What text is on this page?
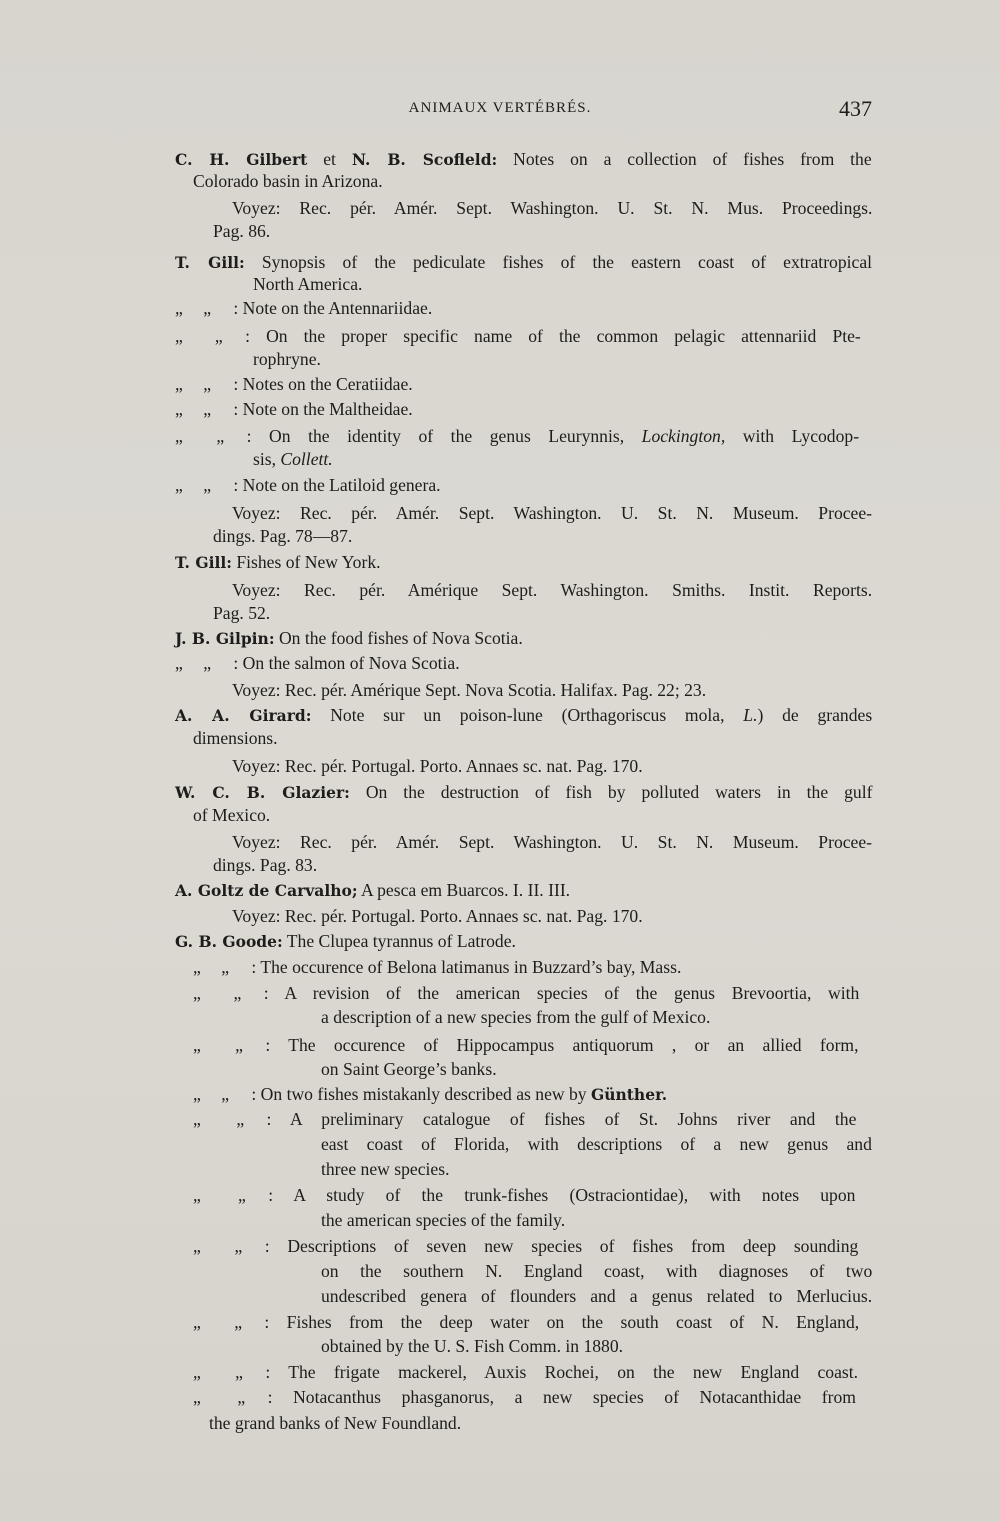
ANIMAUX VERTÉBRÉS.	437
C. H. Gilbert et N. B. Scofleld: Notes on a collection of fishes from the
Colorado basin in Arizona.
Voyez: Rec. pér. Amér. Sept. Washington. U. St. N. Mus. Proceedings.
Pag. 86.
T. Gill: Synopsis of the pediculate fishes of the eastern coast of extratropical
North America.
„ „ : Note on the Antennariidae.
„ „ : On the proper specific name of the common pelagic attennariid Pte-
rophryne.
„ „ : Notes on the Ceratiidae.
„ „ : Note on the Maltheidae.
„ „ : On the identity of the genus Leurynnis, Lockington, with Lycodop-
sis, Collett.
„ „ : Note on the Latiloid genera.
Voyez: Rec. pér. Amér. Sept. Washington. U. St. N. Museum. Procee-
dings. Pag. 78—87.
T. Gill: Fishes of New York.
Voyez: Rec. pér. Amérique Sept. Washington. Smiths. Instit. Reports.
Pag. 52.
J. B. Gilpin: On the food fishes of Nova Scotia.
„ „ : On the salmon of Nova Scotia.
Voyez: Rec. pér. Amérique Sept. Nova Scotia. Halifax. Pag. 22; 23.
A. A. Girard: Note sur un poison-lune (Orthagoriscus mola, L.) de grandes
dimensions.
Voyez: Rec. pér. Portugal. Porto. Annaes sc. nat. Pag. 170.
W. C. B. Glazier: On the destruction of fish by polluted waters in the gulf
of Mexico.
Voyez: Rec. pér. Amér. Sept. Washington. U. St. N. Museum. Procee-
dings. Pag. 83.
A. Goltz de Carvalho; A pesca em Buarcos. I. II. III.
Voyez: Rec. pér. Portugal. Porto. Annaes sc. nat. Pag. 170.
G. B. Goode: The Clupea tyrannus of Latrode.
„ „ : The occurence of Belona latimanus in Buzzard’s bay, Mass.
„ „ : A revision of the american species of the genus Brevoortia, with
a description of a new species from the gulf of Mexico.
„ „ : The occurence of Hippocampus antiquorum , or an allied form,
on Saint George’s banks.
„ „ : On two fishes mistakanly described as new by Günther.
„ „ : A preliminary catalogue of fishes of St. Johns river and the
east coast of Florida, with descriptions of a new genus and
three new species.
„ „ : A study of the trunk-fishes (Ostraciontidae), with notes upon
the american species of the family.
„ „ : Descriptions of seven new species of fishes from deep sounding
on the southern N. England coast, with diagnoses of two
undescribed genera of flounders and a genus related to Merlucius.
„ „ : Fishes from the deep water on the south coast of N. England,
obtained by the U. S. Fish Comm. in 1880.
„ „ : The frigate mackerel, Auxis Rochei, on the new England coast.
„ „ : Notacanthus phasganorus, a new species of Notacanthidae from
the grand banks of New Foundland.
